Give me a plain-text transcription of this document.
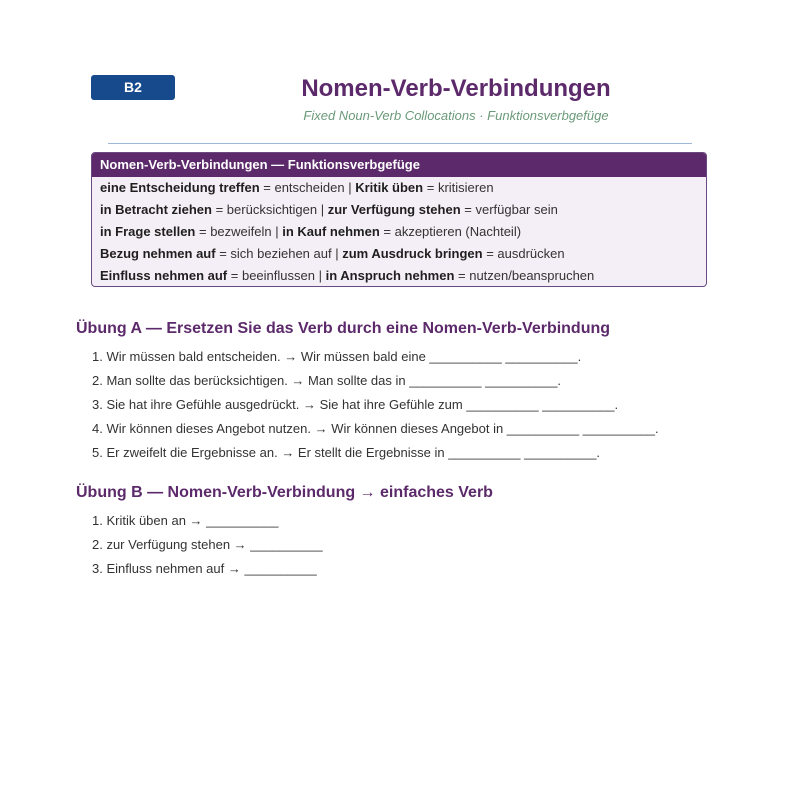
B2	Nomen-Verb-Verbindungen
Fixed Noun-Verb Collocations · Funktionsverbgefüge
Nomen-Verb-Verbindungen — Funktionsverbgefüge
eine Entscheidung treffen = entscheiden | Kritik üben = kritisieren
in Betracht ziehen = berücksichtigen | zur Verfügung stehen = verfügbar sein
in Frage stellen = bezweifeln | in Kauf nehmen = akzeptieren (Nachteil)
Bezug nehmen auf = sich beziehen auf | zum Ausdruck bringen = ausdrücken
Einfluss nehmen auf = beeinflussen | in Anspruch nehmen = nutzen/beanspruchen
Übung A — Ersetzen Sie das Verb durch eine Nomen-Verb-Verbindung
1. Wir müssen bald entscheiden. → Wir müssen bald eine __________ __________.
2. Man sollte das berücksichtigen. → Man sollte das in __________ __________.
3. Sie hat ihre Gefühle ausgedrückt. → Sie hat ihre Gefühle zum __________ __________.
4. Wir können dieses Angebot nutzen. → Wir können dieses Angebot in __________ __________.
5. Er zweifelt die Ergebnisse an. → Er stellt die Ergebnisse in __________ __________.
Übung B — Nomen-Verb-Verbindung → einfaches Verb
1. Kritik üben an → __________
2. zur Verfügung stehen → __________
3. Einfluss nehmen auf → __________
